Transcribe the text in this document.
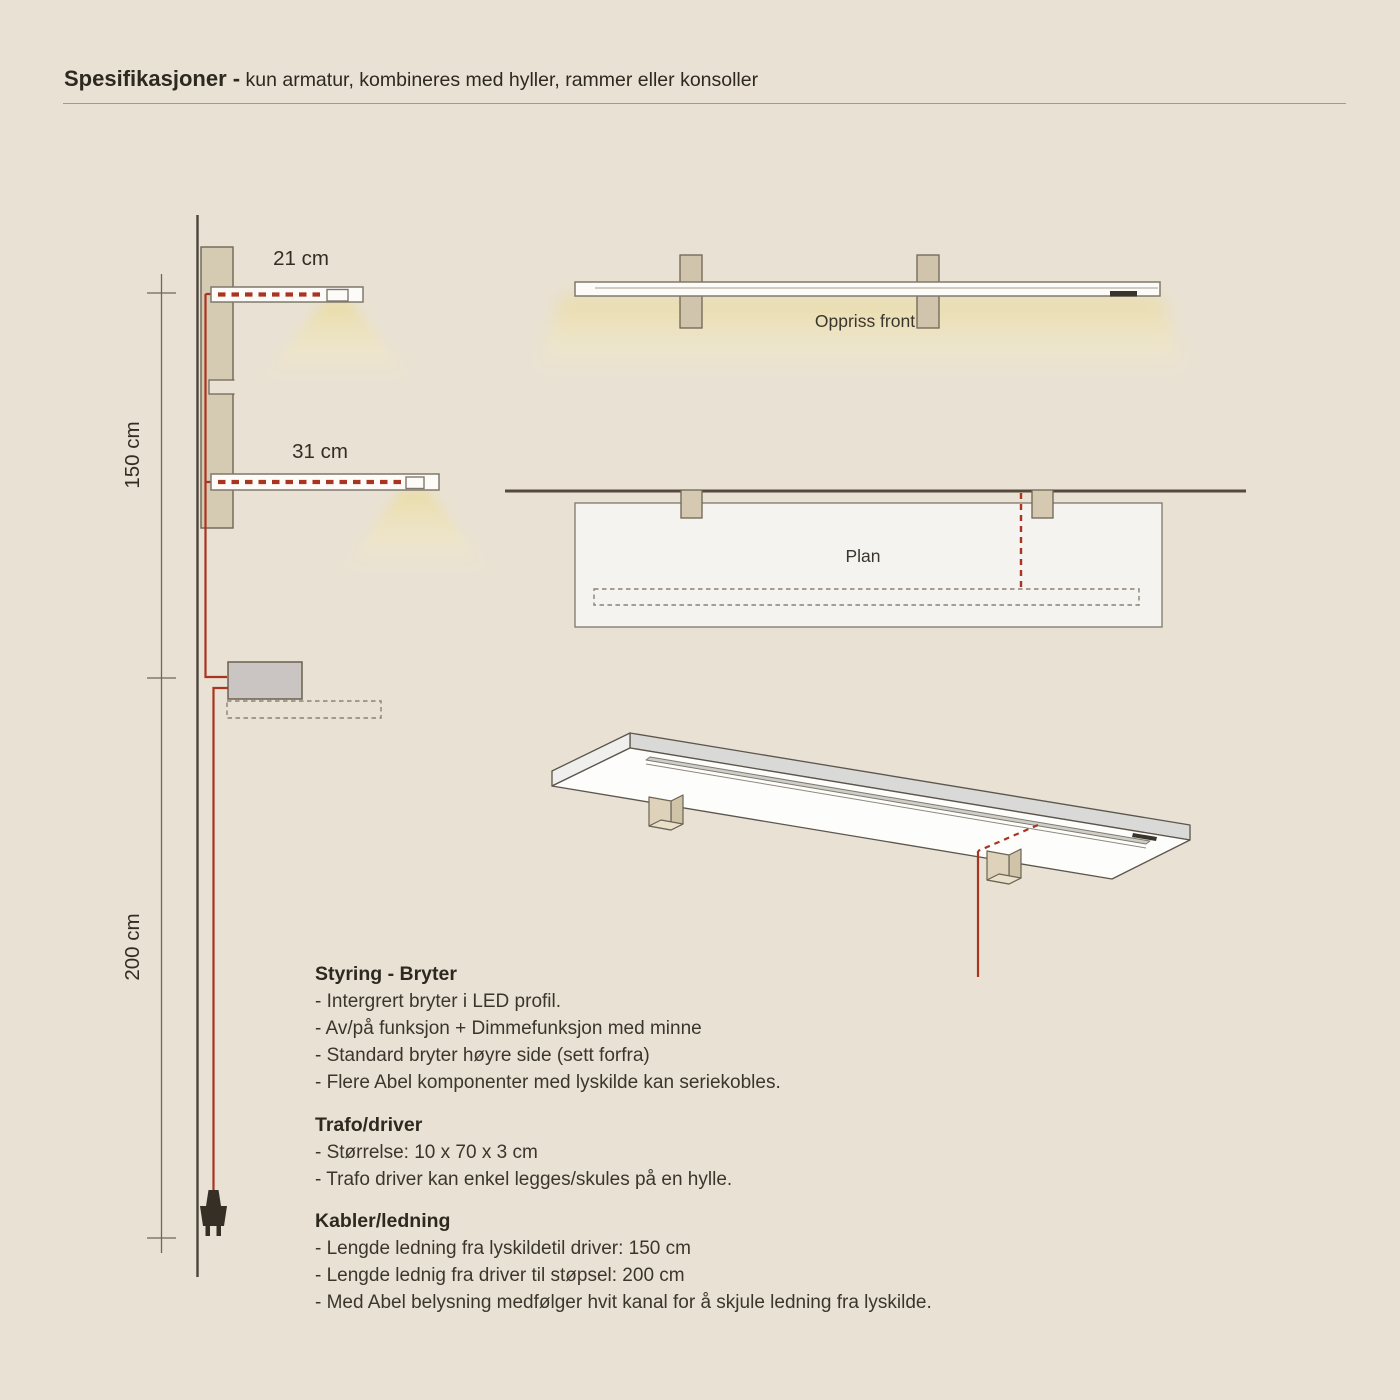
Spesifikasjoner - kun armatur, kombineres med hyller, rammer eller konsoller
21 cm
31 cm
150 cm
200 cm
Oppriss front
Plan
Styring - Bryter
- Intergrert bryter i LED profil.
- Av/på funksjon + Dimmefunksjon med minne
- Standard bryter høyre side (sett forfra)
- Flere Abel komponenter med lyskilde kan seriekobles.
Trafo/driver
- Størrelse: 10 x 70 x 3 cm
- Trafo driver kan enkel legges/skules på en hylle.
Kabler/ledning
- Lengde ledning fra lyskildetil driver: 150 cm
- Lengde lednig fra driver til støpsel: 200 cm
- Med Abel belysning medfølger hvit kanal for å skjule ledning fra lyskilde.
